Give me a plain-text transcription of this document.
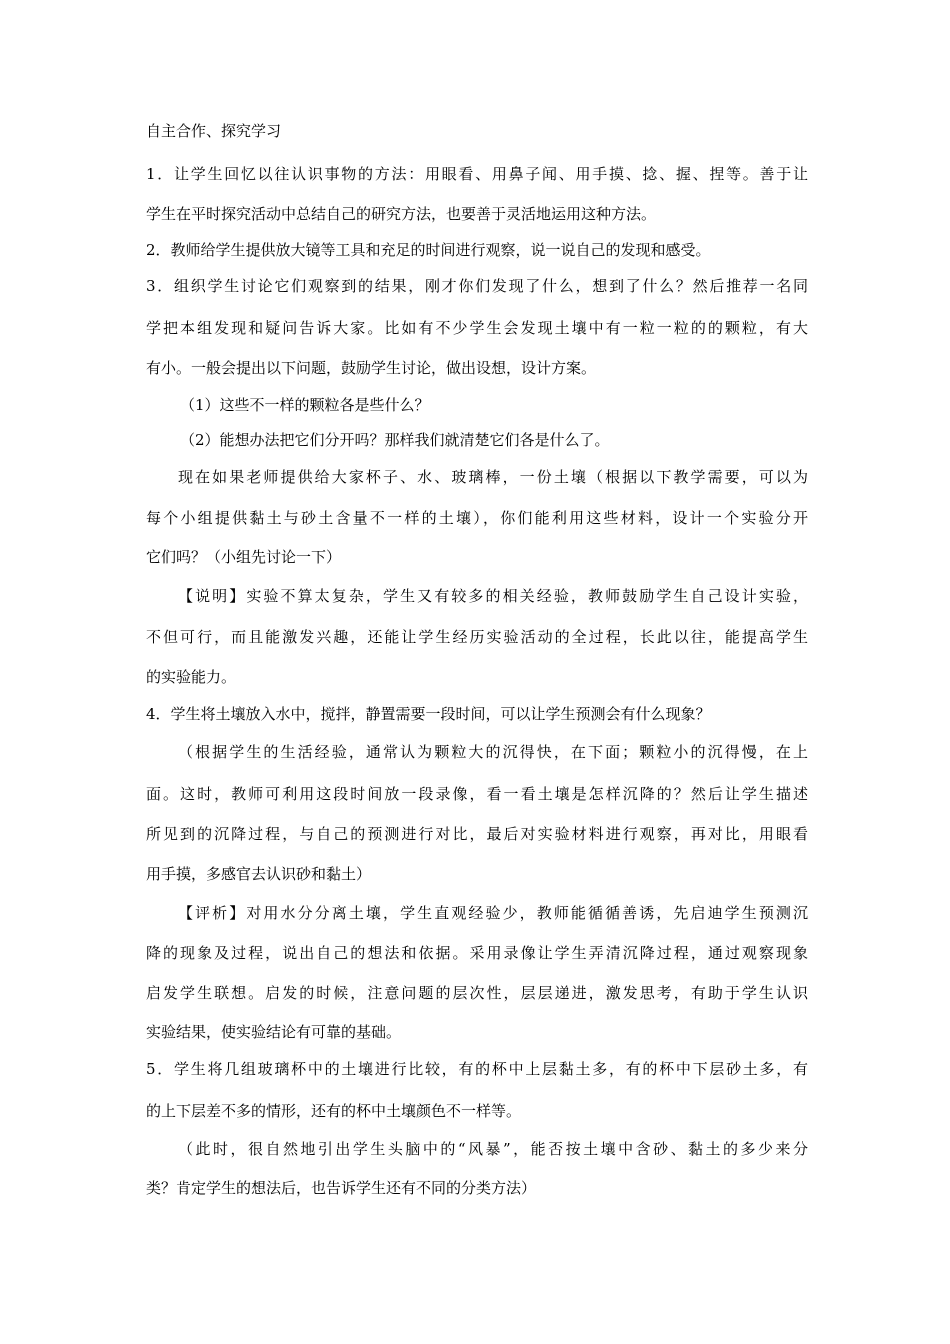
自主合作、探究学习
1．让学生回忆以往认识事物的方法：用眼看、用鼻子闻、用手摸、捻、握、捏等。善于让
学生在平时探究活动中总结自己的研究方法，也要善于灵活地运用这种方法。
2．教师给学生提供放大镜等工具和充足的时间进行观察，说一说自己的发现和感受。
3．组织学生讨论它们观察到的结果，刚才你们发现了什么，想到了什么？然后推荐一名同
学把本组发现和疑问告诉大家。比如有不少学生会发现土壤中有一粒一粒的的颗粒，有大
有小。一般会提出以下问题，鼓励学生讨论，做出设想，设计方案。
（1）这些不一样的颗粒各是些什么？
（2）能想办法把它们分开吗？那样我们就清楚它们各是什么了。
现在如果老师提供给大家杯子、水、玻璃棒，一份土壤（根据以下教学需要，可以为
每个小组提供黏土与砂土含量不一样的土壤），你们能利用这些材料，设计一个实验分开
它们吗？（小组先讨论一下）
【说明】实验不算太复杂，学生又有较多的相关经验，教师鼓励学生自己设计实验，
不但可行，而且能激发兴趣，还能让学生经历实验活动的全过程，长此以往，能提高学生
的实验能力。
4．学生将土壤放入水中，搅拌，静置需要一段时间，可以让学生预测会有什么现象？
（根据学生的生活经验，通常认为颗粒大的沉得快，在下面；颗粒小的沉得慢，在上
面。这时，教师可利用这段时间放一段录像，看一看土壤是怎样沉降的？然后让学生描述
所见到的沉降过程，与自己的预测进行对比，最后对实验材料进行观察，再对比，用眼看
用手摸，多感官去认识砂和黏土）
【评析】对用水分分离土壤，学生直观经验少，教师能循循善诱，先启迪学生预测沉
降的现象及过程，说出自己的想法和依据。采用录像让学生弄清沉降过程，通过观察现象
启发学生联想。启发的时候，注意问题的层次性，层层递进，激发思考，有助于学生认识
实验结果，使实验结论有可靠的基础。
5．学生将几组玻璃杯中的土壤进行比较，有的杯中上层黏土多，有的杯中下层砂土多，有
的上下层差不多的情形，还有的杯中土壤颜色不一样等。
（此时，很自然地引出学生头脑中的“风暴”，能否按土壤中含砂、黏土的多少来分
类？肯定学生的想法后，也告诉学生还有不同的分类方法）
